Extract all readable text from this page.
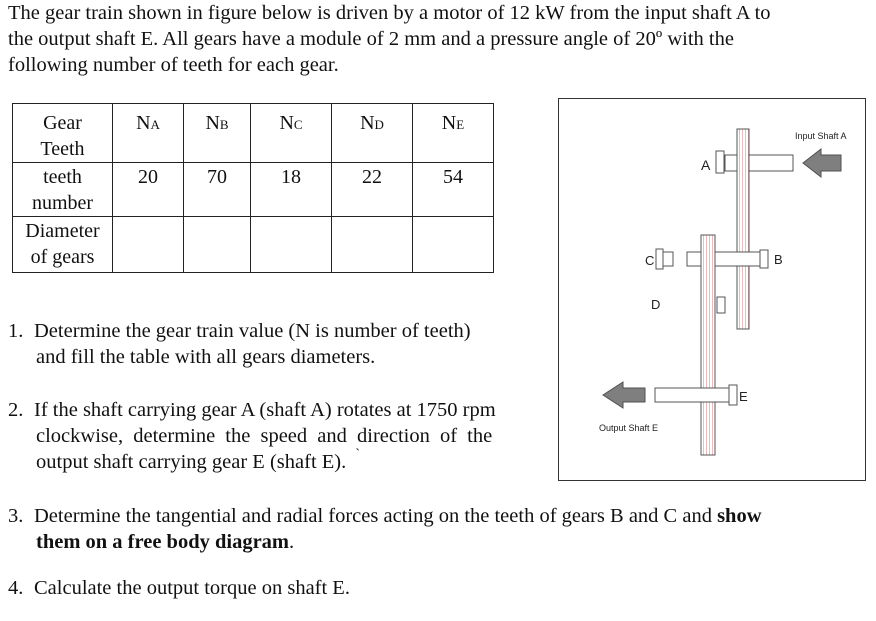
The gear train shown in figure below is driven by a motor of 12 kW from the input shaft A to
the output shaft E. All gears have a module of 2 mm and a pressure angle of 20º with the
following number of teeth for each gear.
Gear
Teeth	NA	NB	NC	ND	NE

teeth
number	20	70	18	22	54

Diameter
of gears					

1. Determine the gear train value (N is number of teeth)
and fill the table with all gears diameters.
2. If the shaft carrying gear A (shaft A) rotates at 1750 rpm
clockwise, determine the speed and direction of the
output shaft carrying gear E (shaft E). `
3. Determine the tangential and radial forces acting on the teeth of gears B and C and show
them on a free body diagram.
4. Calculate the output torque on shaft E.
Input Shaft A
Output Shaft E
A
B
C
D
E
